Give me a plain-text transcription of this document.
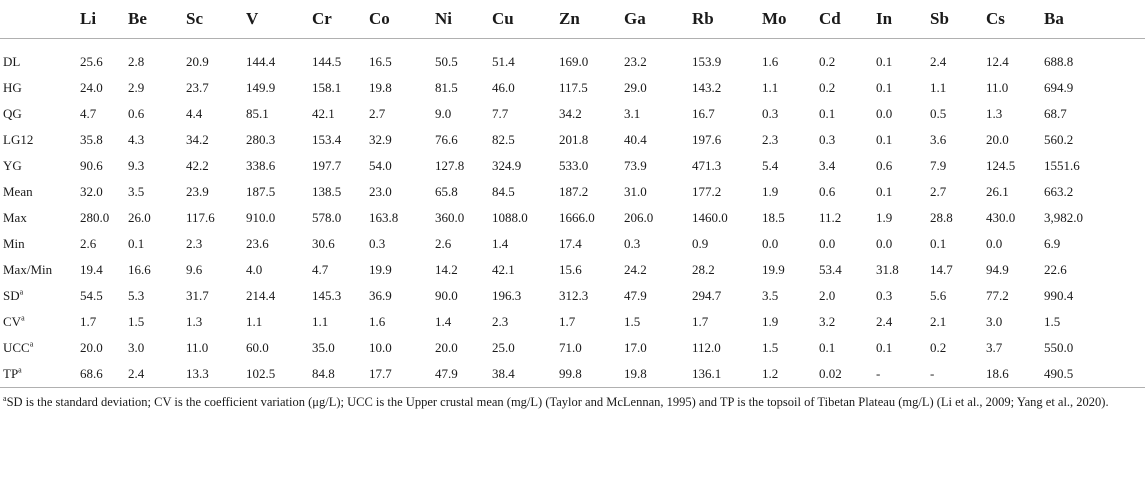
	Li	Be	Sc	V	Cr	Co	Ni	Cu	Zn	Ga	Rb	Mo	Cd	In	Sb	Cs	Ba

DL	25.6	2.8	20.9	144.4	144.5	16.5	50.5	51.4	169.0	23.2	153.9	1.6	0.2	0.1	2.4	12.4	688.8
HG	24.0	2.9	23.7	149.9	158.1	19.8	81.5	46.0	117.5	29.0	143.2	1.1	0.2	0.1	1.1	11.0	694.9
QG	4.7	0.6	4.4	85.1	42.1	2.7	9.0	7.7	34.2	3.1	16.7	0.3	0.1	0.0	0.5	1.3	68.7
LG12	35.8	4.3	34.2	280.3	153.4	32.9	76.6	82.5	201.8	40.4	197.6	2.3	0.3	0.1	3.6	20.0	560.2
YG	90.6	9.3	42.2	338.6	197.7	54.0	127.8	324.9	533.0	73.9	471.3	5.4	3.4	0.6	7.9	124.5	1551.6
Mean	32.0	3.5	23.9	187.5	138.5	23.0	65.8	84.5	187.2	31.0	177.2	1.9	0.6	0.1	2.7	26.1	663.2
Max	280.0	26.0	117.6	910.0	578.0	163.8	360.0	1088.0	1666.0	206.0	1460.0	18.5	11.2	1.9	28.8	430.0	3,982.0
Min	2.6	0.1	2.3	23.6	30.6	0.3	2.6	1.4	17.4	0.3	0.9	0.0	0.0	0.0	0.1	0.0	6.9
Max/Min	19.4	16.6	9.6	4.0	4.7	19.9	14.2	42.1	15.6	24.2	28.2	19.9	53.4	31.8	14.7	94.9	22.6
$SD^a$	54.5	5.3	31.7	214.4	145.3	36.9	90.0	196.3	312.3	47.9	294.7	3.5	2.0	0.3	5.6	77.2	990.4
$CV^a$	1.7	1.5	1.3	1.1	1.1	1.6	1.4	2.3	1.7	1.5	1.7	1.9	3.2	2.4	2.1	3.0	1.5
UCC$^a$	20.0	3.0	11.0	60.0	35.0	10.0	20.0	25.0	71.0	17.0	112.0	1.5	0.1	0.1	0.2	3.7	550.0
$TP^a$	68.6	2.4	13.3	102.5	84.8	17.7	47.9	38.4	99.8	19.8	136.1	1.2	0.02	-	-	18.6	490.5
$^a$SD is the standard deviation; CV is the coefficient variation (μg/L); UCC is the Upper crustal mean (mg/L) (Taylor and McLennan, 1995) and TP is the topsoil of Tibetan Plateau (mg/L) (Li et al., 2009; Yang et al., 2020).
